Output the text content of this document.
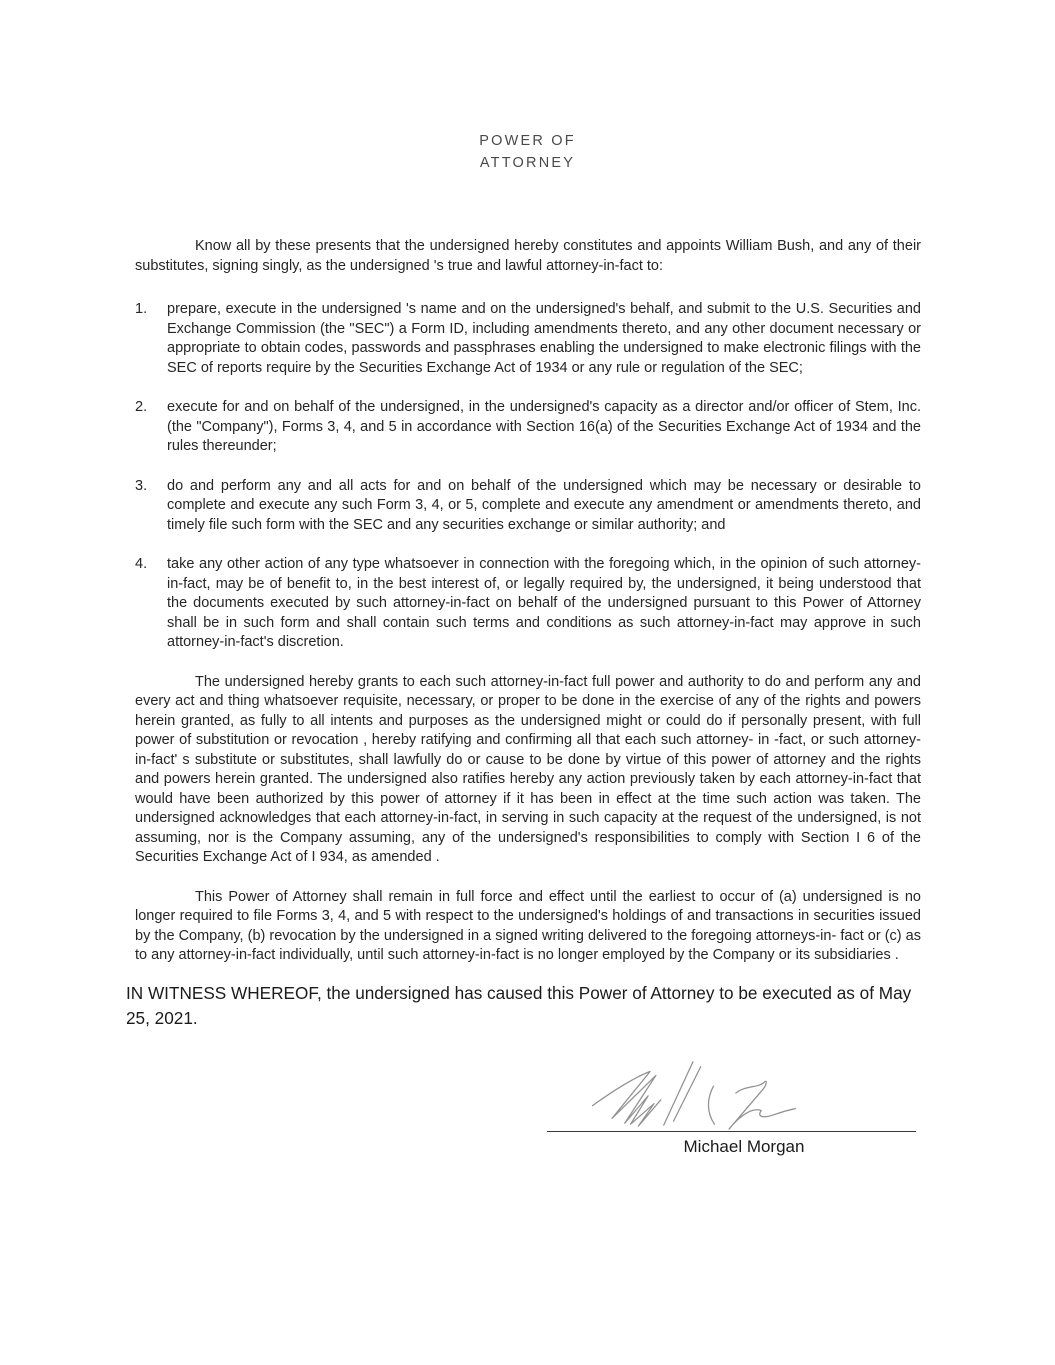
POWER OF
ATTORNEY

Know all by these presents that the undersigned hereby constitutes and appoints William Bush, and any of their substitutes, signing singly, as the undersigned 's true and lawful attorney-in-fact to:

1.	prepare, execute in the undersigned 's name and on the undersigned's behalf, and submit to the U.S. Securities and Exchange Commission (the "SEC") a Form ID, including amendments thereto, and any other document necessary or appropriate to obtain codes, passwords and passphrases enabling the undersigned to make electronic filings with the SEC of reports require by the Securities Exchange Act of 1934 or any rule or regulation of the SEC;
2.	execute for and on behalf of the undersigned, in the undersigned's capacity as a director and/or officer of Stem, Inc. (the "Company"), Forms 3, 4, and 5 in accordance with Section 16(a) of the Securities Exchange Act of 1934 and the rules thereunder;
3.	do and perform any and all acts for and on behalf of the undersigned which may be necessary or desirable to complete and execute any such Form 3, 4, or 5, complete and execute any amendment or amendments thereto, and timely file such form with the SEC and any securities exchange or similar authority; and
4.	take any other action of any type whatsoever in connection with the foregoing which, in the opinion of such attorney-in-fact, may be of benefit to, in the best interest of, or legally required by, the undersigned, it being understood that the documents executed by such attorney-in-fact on behalf of the undersigned pursuant to this Power of Attorney shall be in such form and shall contain such terms and conditions as such attorney-in-fact may approve in such attorney-in-fact's discretion.

The undersigned hereby grants to each such attorney-in-fact full power and authority to do and perform any and every act and thing whatsoever requisite, necessary, or proper to be done in the exercise of any of the rights and powers herein granted, as fully to all intents and purposes as the undersigned might or could do if personally present, with full power of substitution or revocation , hereby ratifying and confirming all that each such attorney- in -fact, or such attorney-in-fact' s substitute or substitutes, shall lawfully do or cause to be done by virtue of this power of attorney and the rights and powers herein granted. The undersigned also ratifies hereby any action previously taken by each attorney-in-fact that would have been authorized by this power of attorney if it has been in effect at the time such action was taken. The undersigned acknowledges that each attorney-in-fact, in serving in such capacity at the request of the undersigned, is not assuming, nor is the Company assuming, any of the undersigned's responsibilities to comply with Section I 6 of the Securities Exchange Act of I 934, as amended .

This Power of Attorney shall remain in full force and effect until the earliest to occur of (a) undersigned is no longer required to file Forms 3, 4, and 5 with respect to the undersigned's holdings of and transactions in securities issued by the Company, (b) revocation by the undersigned in a signed writing delivered to the foregoing attorneys-in- fact or (c) as to any attorney-in-fact individually, until such attorney-in-fact is no longer employed by the Company or its subsidiaries .

IN WITNESS WHEREOF, the undersigned has caused this Power of Attorney to be executed as of May 25, 2021.

Michael Morgan
